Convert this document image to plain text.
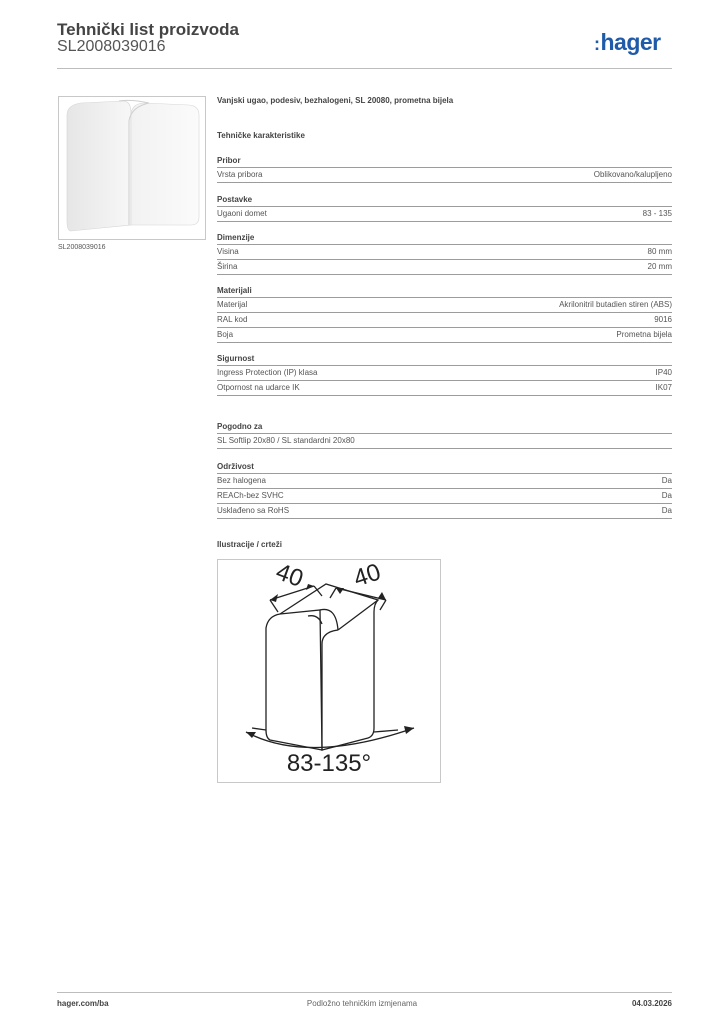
Tehnički list proizvoda
SL2008039016	:hager
SL2008039016
Vanjski ugao, podesiv, bezhalogeni, SL 20080, prometna bijela
Tehničke karakteristike
Pribor
Vrsta pribora	Oblikovano/kalupljeno
Postavke
Ugaoni domet	83 - 135
Dimenzije
Visina	80 mm
Širina	20 mm
Materijali
Materijal	Akrilonitril butadien stiren (ABS)
RAL kod	9016
Boja	Prometna bijela
Sigurnost
Ingress Protection (IP) klasa	IP40
Otpornost na udarce IK	IK07
Pogodno za
SL Softlip 20x80 / SL standardni 20x80
Održivost
Bez halogena	Da
REACh-bez SVHC	Da
Usklađeno sa RoHS	Da
Ilustracije / crteži
40 40
83-135°
hager.com/ba	Podložno tehničkim izmjenama	04.03.2026
